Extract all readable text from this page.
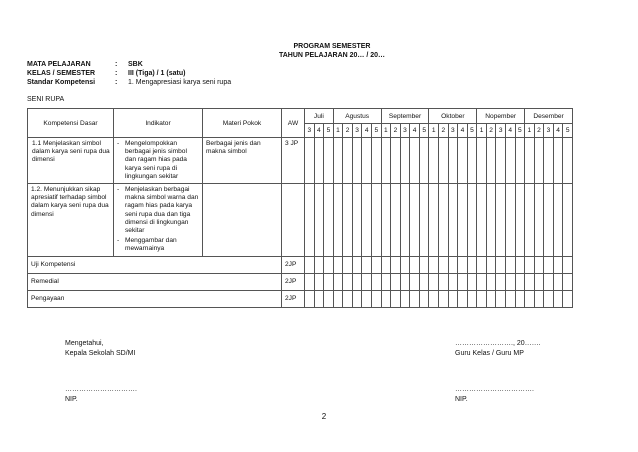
PROGRAM SEMESTER
TAHUN PELAJARAN 20… / 20…
MATA PELAJARAN	: SBK
KELAS / SEMESTER	: III (Tiga) / 1 (satu)
Standar Kompetensi	: 1. Mengapresiasi karya seni rupa
SENI RUPA
Kompetensi Dasar	Indikator	Materi Pokok	AW	Juli			Agustus					September					Oktober					Nopember					Desember				
				3	4	5	1	2	3	4	5	1	2	3	4	5	1	2	3	4	5	1	2	3	4	5	1	2	3	4	5

1.1 Menjelaskan simbol dalam karya seni rupa dua dimensi	- Mengelompokkan berbagai jenis simbol dan ragam hias pada karya seni rupa di lingkungan sekitar	Berbagai jenis dan makna simbol	3 JP																												

1.2. Menunjukkan sikap apresiatif terhadap simbol dalam karya seni rupa dua dimensi	- Menjelaskan berbagai makna simbol warna dan ragam hias pada karya seni rupa dua dan tiga dimensi di lingkungan sekitar
- Menggambar dan mewarnainya																														

Uji Kompetensi			2JP																												

Remedial			2JP																												

Pengayaan			2JP																												

Mengetahui,
Kepala Sekolah SD/MI
………………………….
NIP.
……………………., 20…….
Guru Kelas / Guru MP
…………………………….
NIP.
2
